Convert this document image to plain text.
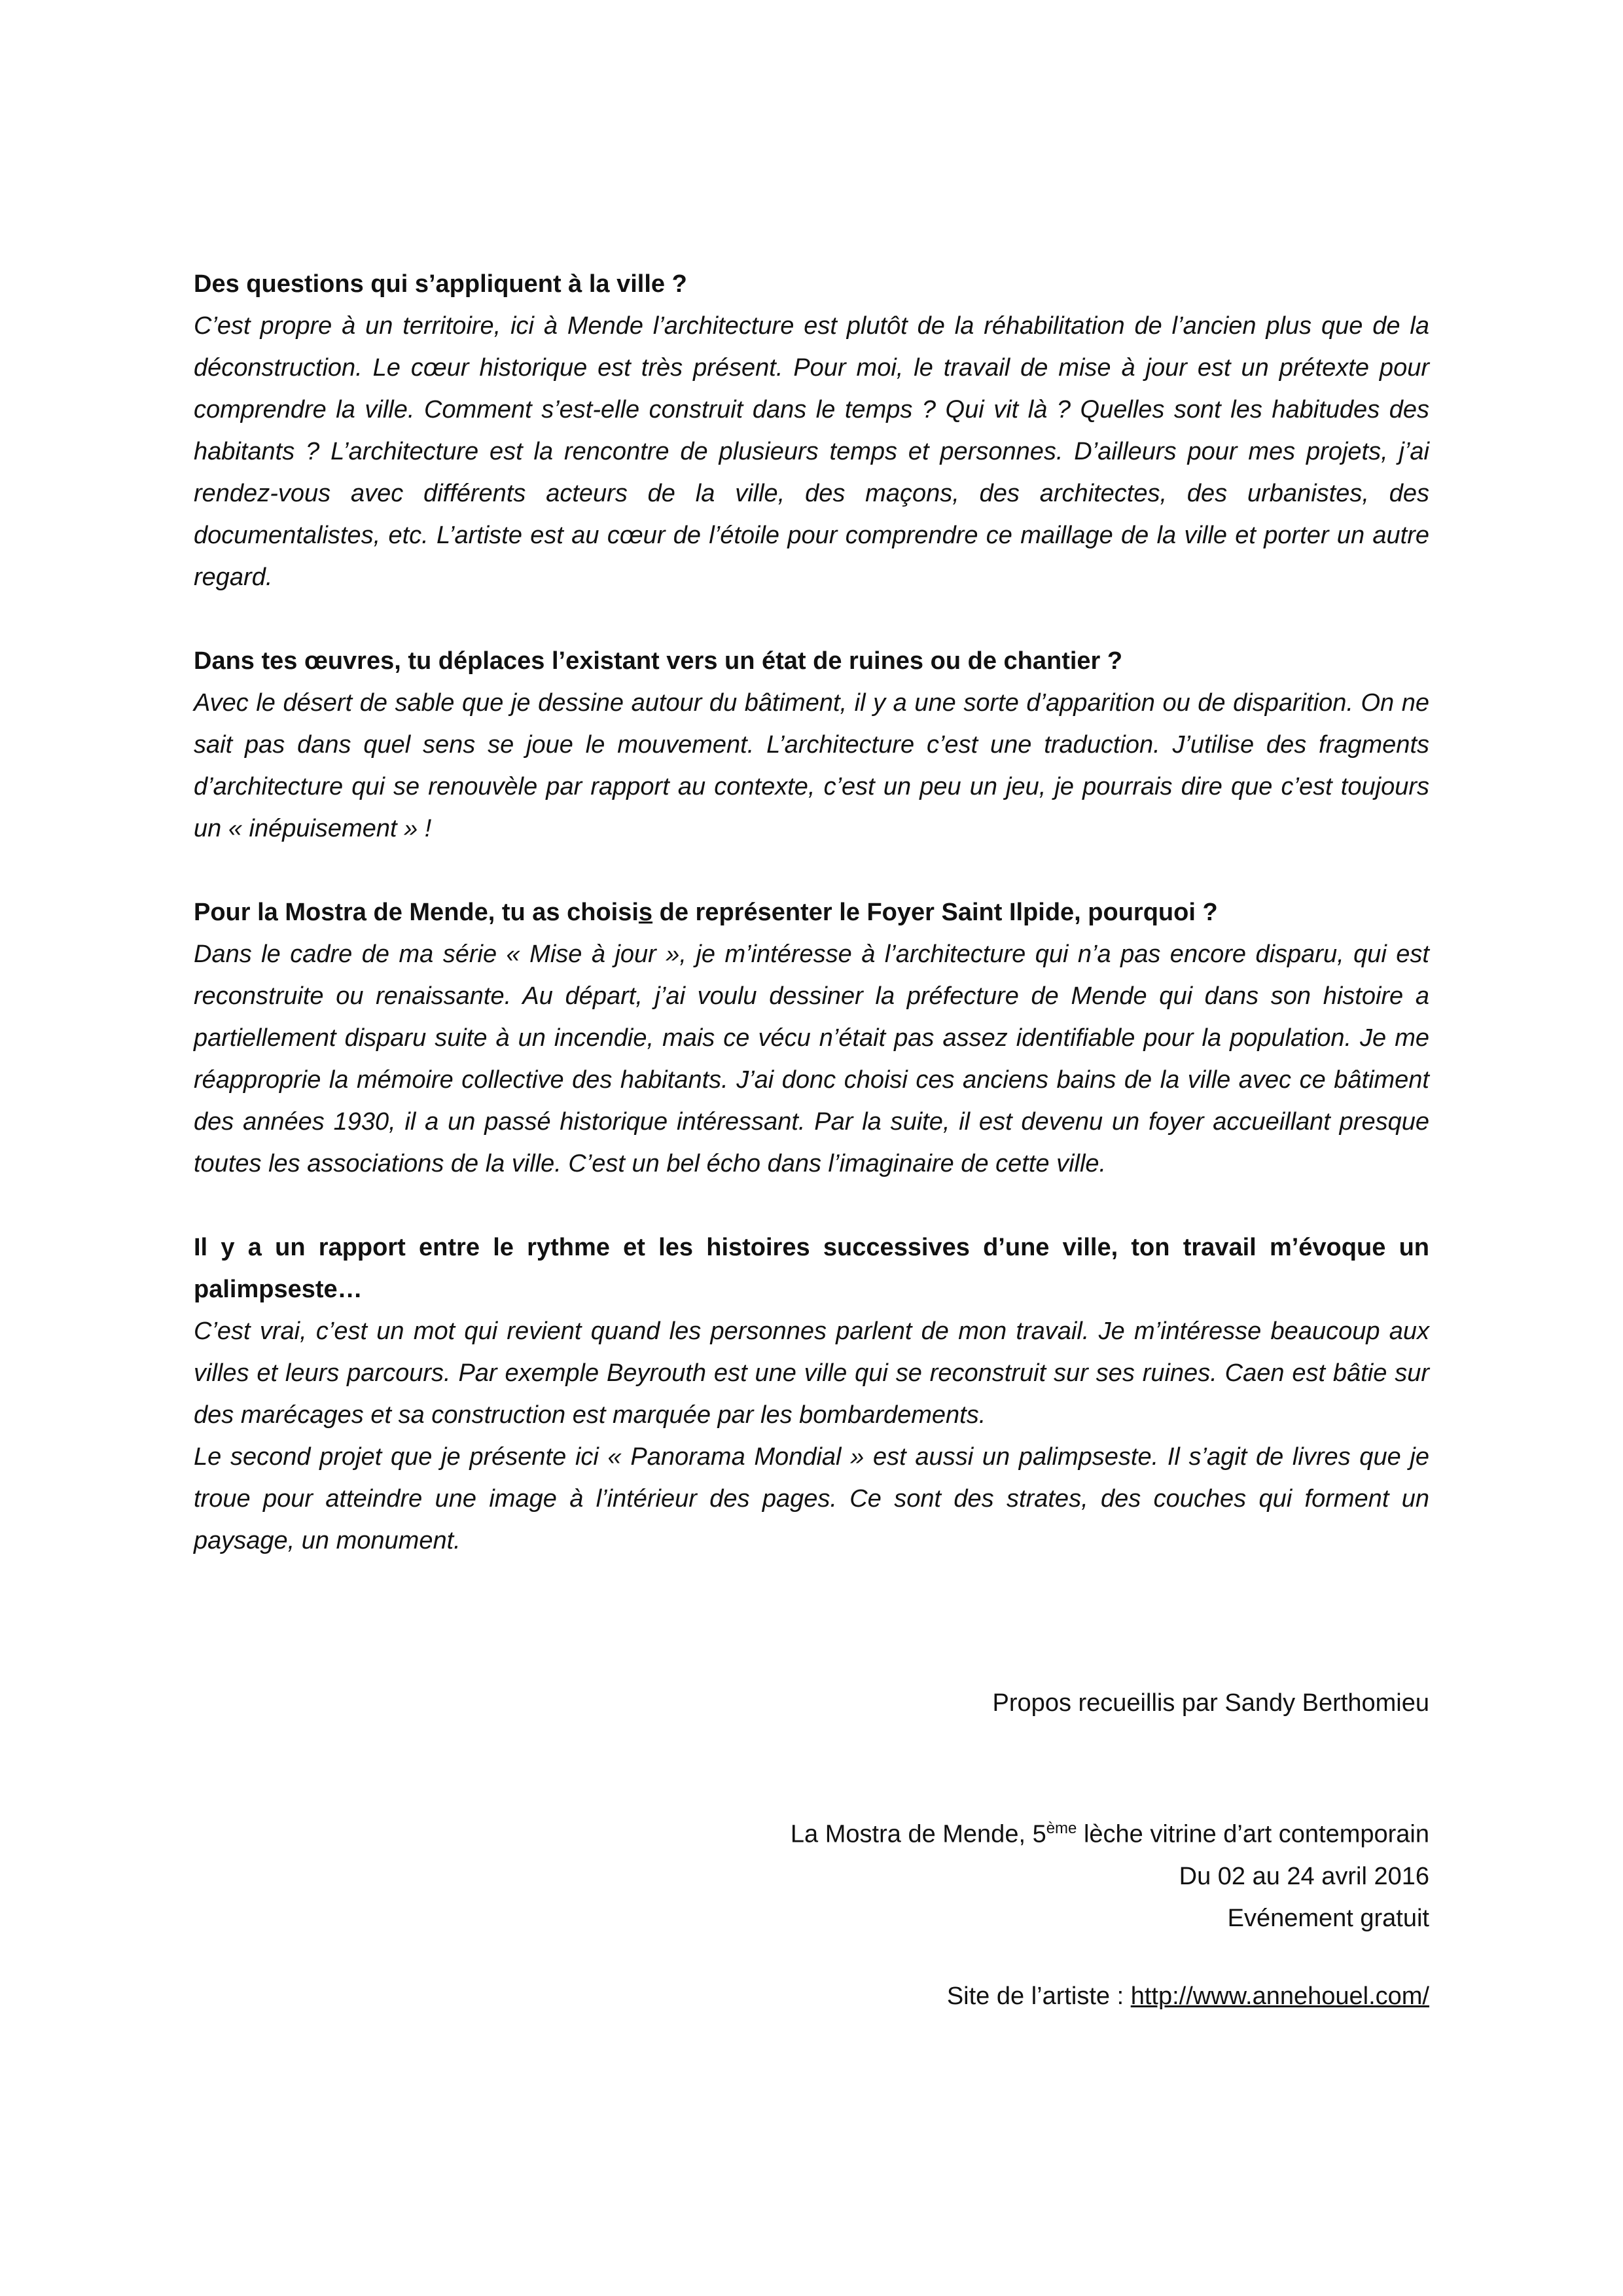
Des questions qui s’appliquent à la ville ?

C’est propre à un territoire, ici à Mende l’architecture est plutôt de la réhabilitation de l’ancien plus que de la déconstruction. Le cœur historique est très présent. Pour moi, le travail de mise à jour est un prétexte pour comprendre la ville. Comment s’est-elle construit dans le temps ? Qui vit là ? Quelles sont les habitudes des habitants ? L’architecture est la rencontre de plusieurs temps et personnes. D’ailleurs pour mes projets, j’ai rendez-vous avec différents acteurs de la ville, des maçons, des architectes, des urbanistes, des documentalistes, etc. L’artiste est au cœur de l’étoile pour comprendre ce maillage de la ville et porter un autre regard.

Dans tes œuvres, tu déplaces l’existant vers un état de ruines ou de chantier ?

Avec le désert de sable que je dessine autour du bâtiment, il y a une sorte d’apparition ou de disparition. On ne sait pas dans quel sens se joue le mouvement. L’architecture c’est une traduction. J’utilise des fragments d’architecture qui se renouvèle par rapport au contexte, c’est un peu un jeu, je pourrais dire que c’est toujours un « inépuisement » !

Pour la Mostra de Mende, tu as choisis de représenter le Foyer Saint Ilpide, pourquoi ?

Dans le cadre de ma série « Mise à jour », je m’intéresse à l’architecture qui n’a pas encore disparu, qui est reconstruite ou renaissante. Au départ, j’ai voulu dessiner la préfecture de Mende qui dans son histoire a partiellement disparu suite à un incendie, mais ce vécu n’était pas assez identifiable pour la population. Je me réapproprie la mémoire collective des habitants. J’ai donc choisi ces anciens bains de la ville avec ce bâtiment des années 1930, il a un passé historique intéressant. Par la suite, il est devenu un foyer accueillant presque toutes les associations de la ville. C’est un bel écho dans l’imaginaire de cette ville.

Il y a un rapport entre le rythme et les histoires successives d’une ville, ton travail m’évoque un palimpseste…

C’est vrai, c’est un mot qui revient quand les personnes parlent de mon travail. Je m’intéresse beaucoup aux villes et leurs parcours. Par exemple Beyrouth est une ville qui se reconstruit sur ses ruines. Caen est bâtie sur des marécages et sa construction est marquée par les bombardements.

Le second projet que je présente ici « Panorama Mondial » est aussi un palimpseste. Il s’agit de livres que je troue pour atteindre une image à l’intérieur des pages. Ce sont des strates, des couches qui forment un paysage, un monument.

Propos recueillis par Sandy Berthomieu

La Mostra de Mende, 5ème lèche vitrine d’art contemporain

Du 02 au 24 avril 2016

Evénement gratuit

Site de l’artiste : http://www.annehouel.com/
